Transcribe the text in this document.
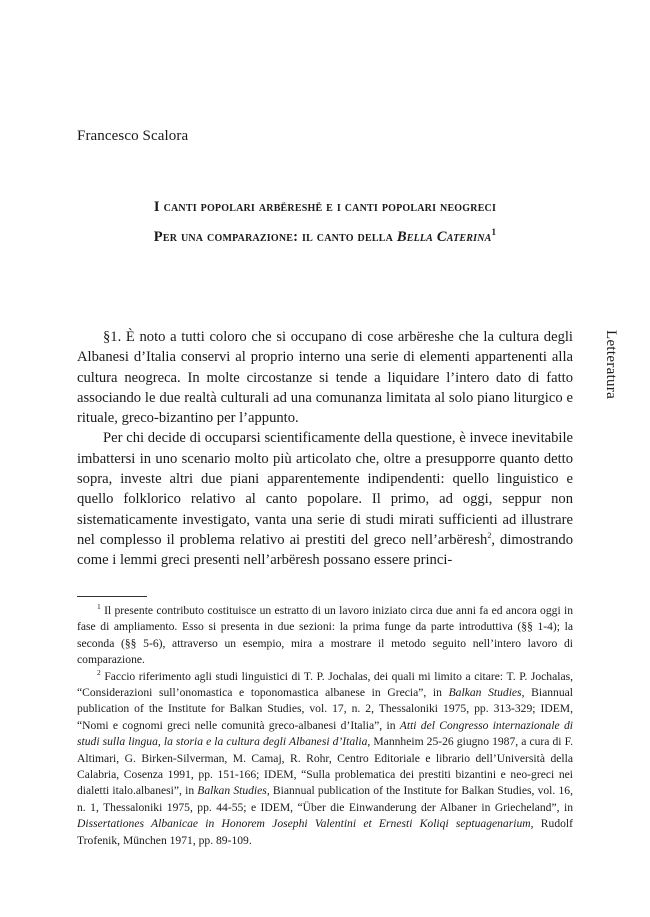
Francesco Scalora
I canti popolari arbëreshë e i canti popolari neogreci
Per una comparazione: il canto della Bella Caterina$^1$
Letteratura

§1. È noto a tutti coloro che si occupano di cose arbëreshe che la cultura degli Albanesi d’Italia conservi al proprio interno una serie di elementi appartenenti alla cultura neogreca. In molte circostanze si tende a liquidare l’intero dato di fatto associando le due realtà culturali ad una comunanza limitata al solo piano liturgico e rituale, greco-bizantino per l’appunto.

Per chi decide di occuparsi scientificamente della questione, è invece inevitabile imbattersi in uno scenario molto più articolato che, oltre a presupporre quanto detto sopra, investe altri due piani apparentemente indipendenti: quello linguistico e quello folklorico relativo al canto popolare. Il primo, ad oggi, seppur non sistematicamente investigato, vanta una serie di studi mirati sufficienti ad illustrare nel complesso il problema relativo ai prestiti del greco nell’arbëresh$^2$, dimostrando come i lemmi greci presenti nell’arbëresh possano essere princi-

$^1$ Il presente contributo costituisce un estratto di un lavoro iniziato circa due anni fa ed ancora oggi in fase di ampliamento. Esso si presenta in due sezioni: la prima funge da parte introduttiva (§§ 1-4); la seconda (§§ 5-6), attraverso un esempio, mira a mostrare il metodo seguito nell’intero lavoro di comparazione.

$^2$ Faccio riferimento agli studi linguistici di T. P. Jochalas, dei quali mi limito a citare: T. P. Jochalas, “Considerazioni sull’onomastica e toponomastica albanese in Grecia”, in Balkan Studies, Biannual publication of the Institute for Balkan Studies, vol. 17, n. 2, Thessaloniki 1975, pp. 313-329; IDEM, “Nomi e cognomi greci nelle comunità greco-albanesi d’Italia”, in Atti del Congresso internazionale di studi sulla lingua, la storia e la cultura degli Albanesi d’Italia, Mannheim 25-26 giugno 1987, a cura di F. Altimari, G. Birken-Silverman, M. Camaj, R. Rohr, Centro Editoriale e librario dell’Università della Calabria, Cosenza 1991, pp. 151-166; IDEM, “Sulla problematica dei prestiti bizantini e neo-greci nei dialetti italo.albanesi”, in Balkan Studies, Biannual publication of the Institute for Balkan Studies, vol. 16, n. 1, Thessaloniki 1975, pp. 44-55; e IDEM, “Über die Einwanderung der Albaner in Griecheland”, in Dissertationes Albanicae in Honorem Josephi Valentini et Ernesti Koliqi septuagenarium, Rudolf Trofenik, München 1971, pp. 89-109.
